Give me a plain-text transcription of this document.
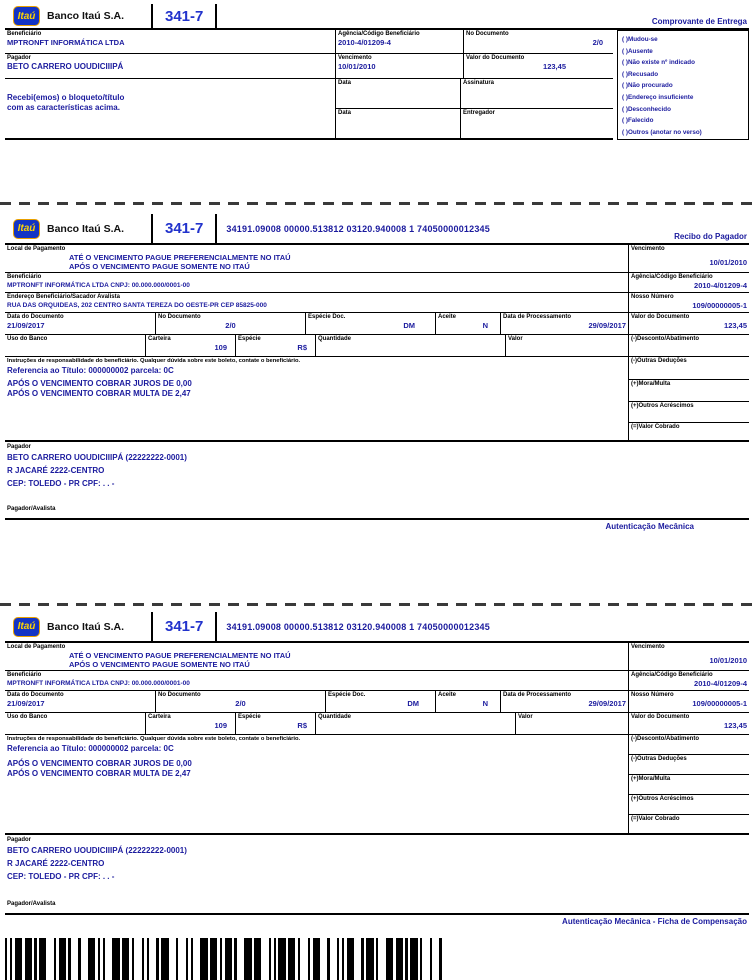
Itaú Banco Itaú S.A.	341-7	Comprovante de Entrega
Beneficiário
MPTRONFT INFORMÁTICA LTDA
Agência/Código Beneficiário
2010-4/01209-4
No Documento
2/0
Pagador
BETO CARRERO UOUDICIIIPÁ
Vencimento
10/01/2010
Valor do Documento
123,45
Recebi(emos) o bloqueto/título
com as características acima.
Data	Assinatura
Data	Entregador
( )Mudou-se
( )Ausente
( )Não existe nº indicado
( )Recusado
( )Não procurado
( )Endereço insuficiente
( )Desconhecido
( )Falecido
( )Outros (anotar no verso)
Itaú Banco Itaú S.A.	341-7	34191.09008 00000.513812 03120.940008 1 74050000012345
Recibo do Pagador
Local de Pagamento
ATÉ O VENCIMENTO PAGUE PREFERENCIALMENTE NO ITAÚ
APÓS O VENCIMENTO PAGUE SOMENTE NO ITAÚ
Beneficiário
MPTRONFT INFORMÁTICA LTDA CNPJ: 00.000.000/0001-00
Endereço Beneficiário/Sacador Avalista
RUA DAS ORQUIDEAS, 202 CENTRO SANTA TEREZA DO OESTE-PR CEP 85825-000
Data do Documento
21/09/2017
No Documento
2/0
Espécie Doc.
DM
Aceite
N
Data de Processamento
29/09/2017
Uso do Banco	Carteira
109
Espécie
R$
Quantidade	Valor
Instruções de responsabilidade do beneficiário. Qualquer dúvida sobre este boleto, contate o beneficiário.
Referencia ao Título: 000000002 parcela: 0C
APÓS O VENCIMENTO COBRAR JUROS DE 0,00
APÓS O VENCIMENTO COBRAR MULTA DE 2,47
Vencimento
10/01/2010
Agência/Código Beneficiário
2010-4/01209-4
Nosso Número
109/00000005-1
Valor do Documento
123,45
(-)Desconto/Abatimento
(-)Outras Deduções
(+)Mora/Multa
(+)Outros Acréscimos
(=)Valor Cobrado
Pagador
BETO CARRERO UOUDICIIIPÁ (22222222-0001)
R JACARÉ 2222-CENTRO
CEP: TOLEDO - PR CPF: . . -
Pagador/Avalista
Autenticação Mecânica
Itaú Banco Itaú S.A.	341-7	34191.09008 00000.513812 03120.940008 1 74050000012345
Local de Pagamento
ATÉ O VENCIMENTO PAGUE PREFERENCIALMENTE NO ITAÚ
APÓS O VENCIMENTO PAGUE SOMENTE NO ITAÚ
Beneficiário
MPTRONFT INFORMÁTICA LTDA CNPJ: 00.000.000/0001-00
Data do Documento
21/09/2017
No Documento
2/0
Espécie Doc.
DM
Aceite
N
Data de Processamento
29/09/2017
Uso do Banco	Carteira
109
Espécie
R$
Quantidade	Valor
Instruções de responsabilidade do beneficiário. Qualquer dúvida sobre este boleto, contate o beneficiário.
Referencia ao Título: 000000002 parcela: 0C
APÓS O VENCIMENTO COBRAR JUROS DE 0,00
APÓS O VENCIMENTO COBRAR MULTA DE 2,47
Vencimento
10/01/2010
Agência/Código Beneficiário
2010-4/01209-4
Nosso Número
109/00000005-1
Valor do Documento
123,45
(-)Desconto/Abatimento
(-)Outras Deduções
(+)Mora/Multa
(+)Outros Acréscimos
(=)Valor Cobrado
Pagador
BETO CARRERO UOUDICIIIPÁ (22222222-0001)
R JACARÉ 2222-CENTRO
CEP: TOLEDO - PR CPF: . . -
Pagador/Avalista
Autenticação Mecânica - Ficha de Compensação
